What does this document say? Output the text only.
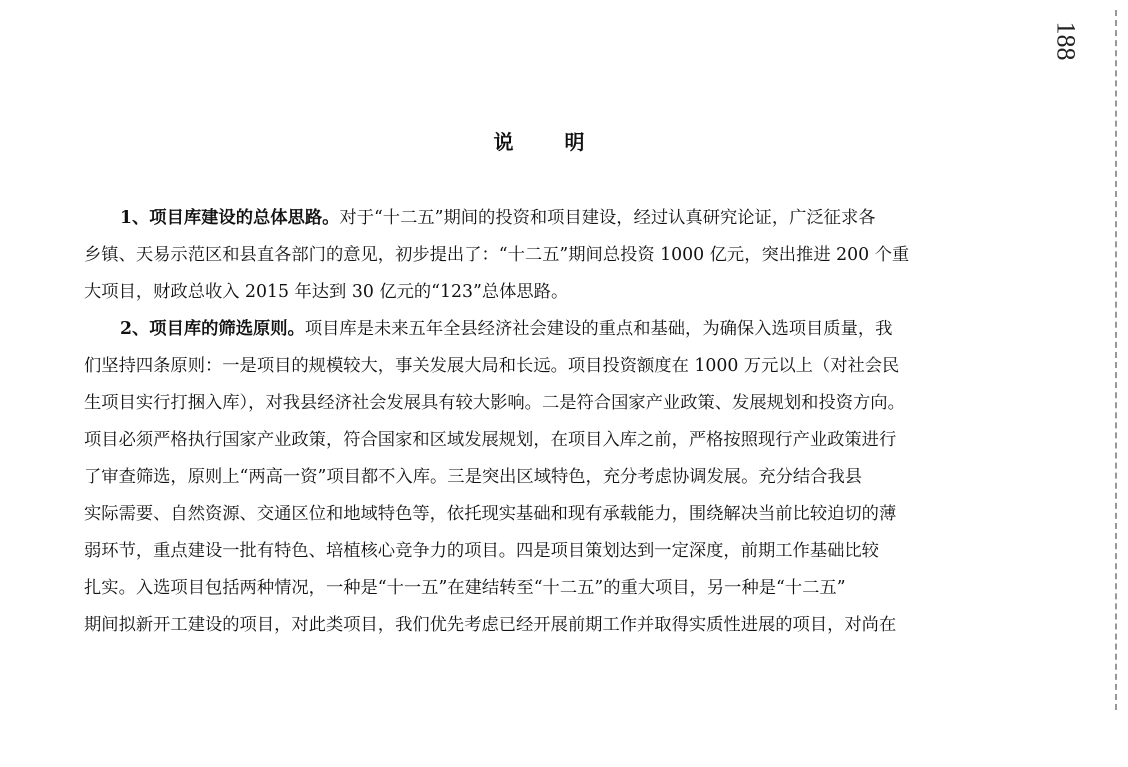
188
说 明
1、项目库建设的总体思路。对于“十二五”期间的投资和项目建设，经过认真研究论证，广泛征求各
乡镇、天易示范区和县直各部门的意见，初步提出了：“十二五”期间总投资 1000 亿元，突出推进 200 个重
大项目，财政总收入 2015 年达到 30 亿元的“123”总体思路。
2、项目库的筛选原则。项目库是未来五年全县经济社会建设的重点和基础，为确保入选项目质量，我
们坚持四条原则：一是项目的规模较大，事关发展大局和长远。项目投资额度在 1000 万元以上（对社会民
生项目实行打捆入库），对我县经济社会发展具有较大影响。二是符合国家产业政策、发展规划和投资方向。
项目必须严格执行国家产业政策，符合国家和区域发展规划，在项目入库之前，严格按照现行产业政策进行
了审查筛选，原则上“两高一资”项目都不入库。三是突出区域特色，充分考虑协调发展。充分结合我县
实际需要、自然资源、交通区位和地域特色等，依托现实基础和现有承载能力，围绕解决当前比较迫切的薄
弱环节，重点建设一批有特色、培植核心竞争力的项目。四是项目策划达到一定深度，前期工作基础比较
扎实。入选项目包括两种情况，一种是“十一五”在建结转至“十二五”的重大项目，另一种是“十二五”
期间拟新开工建设的项目，对此类项目，我们优先考虑已经开展前期工作并取得实质性进展的项目，对尚在
